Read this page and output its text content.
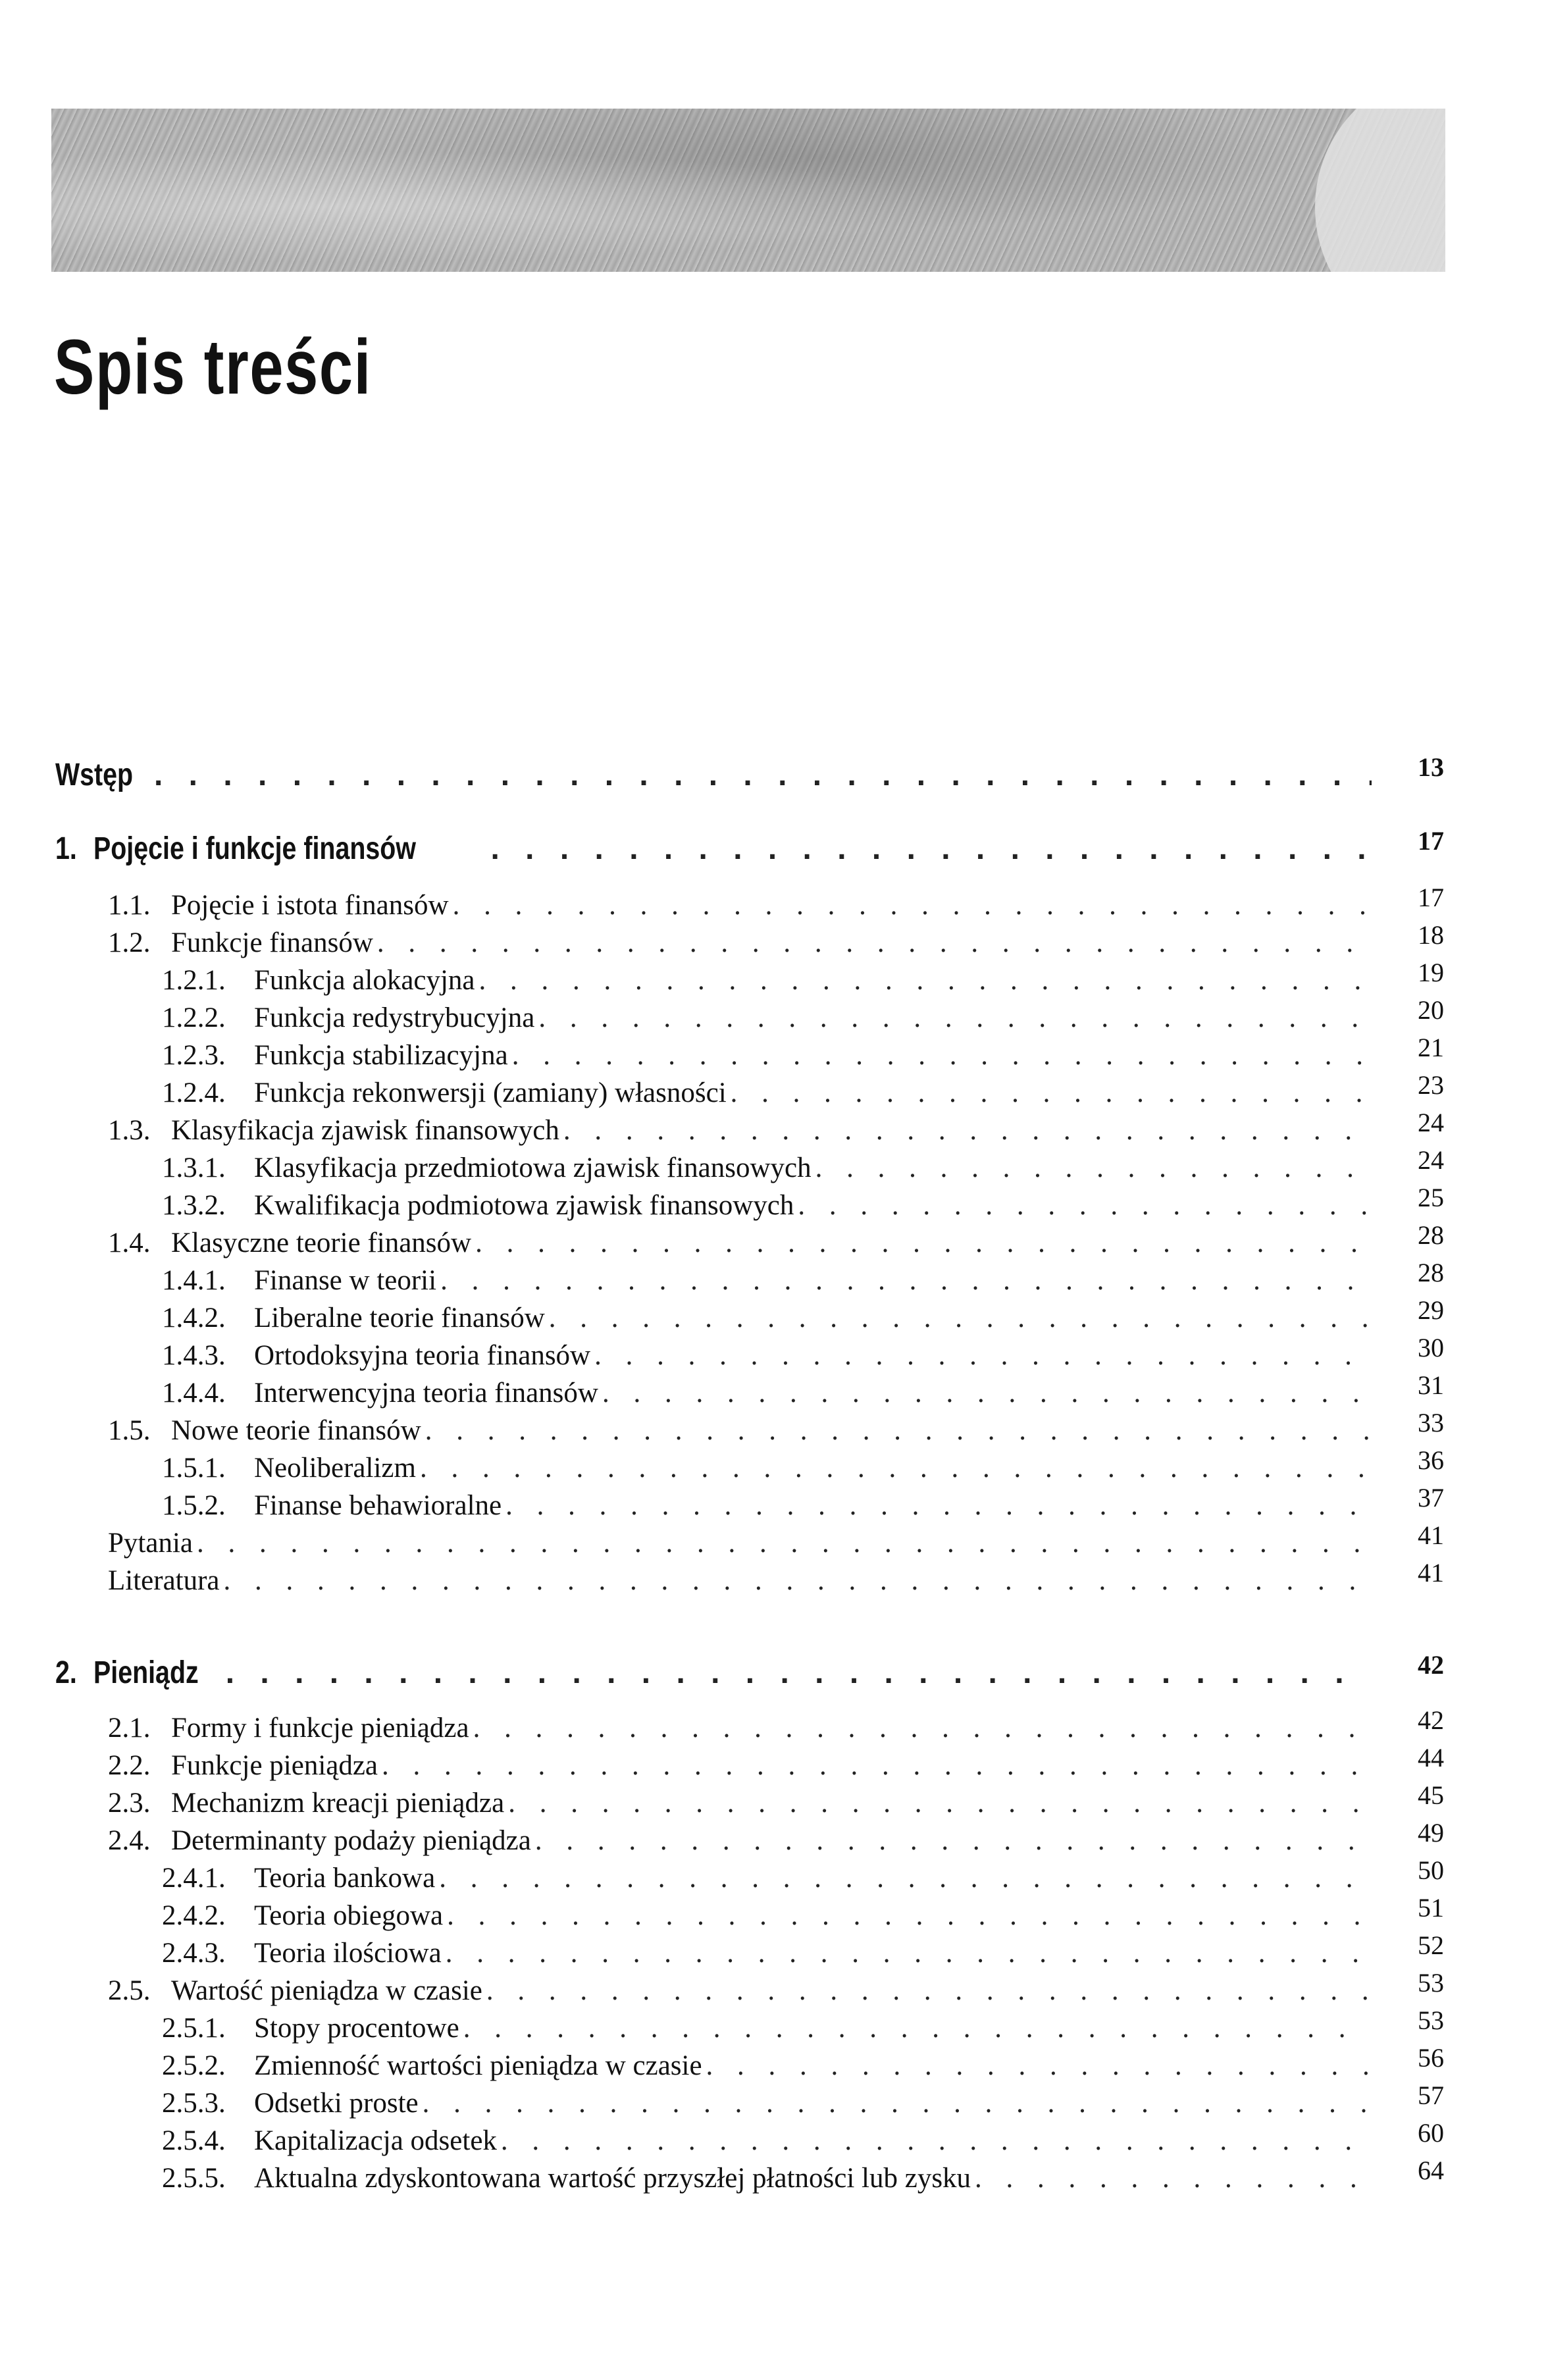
Spis treści
Wstęp . . .	13
1. Pojęcie i funkcje finansów . . .	17
1.1. Pojęcie i istota finansów . . .	17
1.2. Funkcje finansów . . .	18
1.2.1.	Funkcja alokacyjna . . .	19
1.2.2.	Funkcja redystrybucyjna . . .	20
1.2.3.	Funkcja stabilizacyjna . . .	21
1.2.4.	Funkcja rekonwersji (zamiany) własności . . .	23
1.3. Klasyfikacja zjawisk finansowych . . .	24
1.3.1.	Klasyfikacja przedmiotowa zjawisk finansowych . . .	24
1.3.2.	Kwalifikacja podmiotowa zjawisk finansowych . . .	25
1.4. Klasyczne teorie finansów . . .	28
1.4.1.	Finanse w teorii . . .	28
1.4.2.	Liberalne teorie finansów . . .	29
1.4.3.	Ortodoksyjna teoria finansów . . .	30
1.4.4.	Interwencyjna teoria finansów . . .	31
1.5. Nowe teorie finansów . . .	33
1.5.1.	Neoliberalizm . . .	36
1.5.2.	Finanse behawioralne . . .	37
Pytania . . .	41
Literatura . . .	41
2. Pieniądz . . .	42
2.1. Formy i funkcje pieniądza . . .	42
2.2. Funkcje pieniądza . . .	44
2.3. Mechanizm kreacji pieniądza . . .	45
2.4. Determinanty podaży pieniądza . . .	49
2.4.1.	Teoria bankowa . . .	50
2.4.2.	Teoria obiegowa . . .	51
2.4.3.	Teoria ilościowa . . .	52
2.5. Wartość pieniądza w czasie . . .	53
2.5.1.	Stopy procentowe . . .	53
2.5.2.	Zmienność wartości pieniądza w czasie . . .	56
2.5.3.	Odsetki proste . . .	57
2.5.4.	Kapitalizacja odsetek . . .	60
2.5.5.	Aktualna zdyskontowana wartość przyszłej płatności lub zysku . . .	64
